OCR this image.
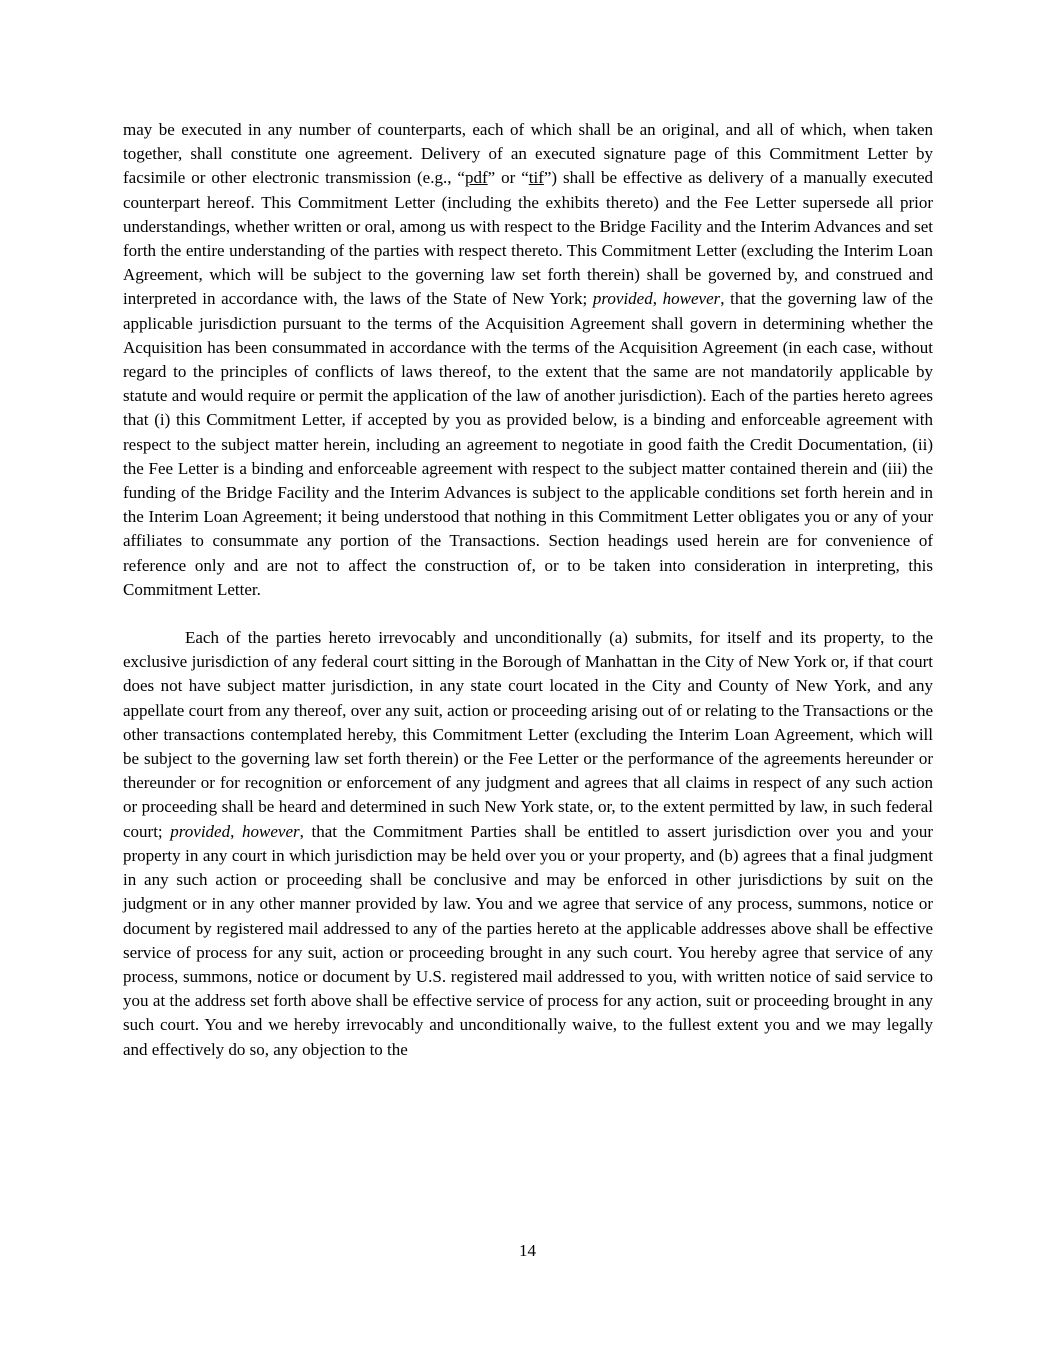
may be executed in any number of counterparts, each of which shall be an original, and all of which, when taken together, shall constitute one agreement. Delivery of an executed signature page of this Commitment Letter by facsimile or other electronic transmission (e.g., “pdf” or “tif”) shall be effective as delivery of a manually executed counterpart hereof. This Commitment Letter (including the exhibits thereto) and the Fee Letter supersede all prior understandings, whether written or oral, among us with respect to the Bridge Facility and the Interim Advances and set forth the entire understanding of the parties with respect thereto. This Commitment Letter (excluding the Interim Loan Agreement, which will be subject to the governing law set forth therein) shall be governed by, and construed and interpreted in accordance with, the laws of the State of New York; provided, however, that the governing law of the applicable jurisdiction pursuant to the terms of the Acquisition Agreement shall govern in determining whether the Acquisition has been consummated in accordance with the terms of the Acquisition Agreement (in each case, without regard to the principles of conflicts of laws thereof, to the extent that the same are not mandatorily applicable by statute and would require or permit the application of the law of another jurisdiction). Each of the parties hereto agrees that (i) this Commitment Letter, if accepted by you as provided below, is a binding and enforceable agreement with respect to the subject matter herein, including an agreement to negotiate in good faith the Credit Documentation, (ii) the Fee Letter is a binding and enforceable agreement with respect to the subject matter contained therein and (iii) the funding of the Bridge Facility and the Interim Advances is subject to the applicable conditions set forth herein and in the Interim Loan Agreement; it being understood that nothing in this Commitment Letter obligates you or any of your affiliates to consummate any portion of the Transactions. Section headings used herein are for convenience of reference only and are not to affect the construction of, or to be taken into consideration in interpreting, this Commitment Letter.

Each of the parties hereto irrevocably and unconditionally (a) submits, for itself and its property, to the exclusive jurisdiction of any federal court sitting in the Borough of Manhattan in the City of New York or, if that court does not have subject matter jurisdiction, in any state court located in the City and County of New York, and any appellate court from any thereof, over any suit, action or proceeding arising out of or relating to the Transactions or the other transactions contemplated hereby, this Commitment Letter (excluding the Interim Loan Agreement, which will be subject to the governing law set forth therein) or the Fee Letter or the performance of the agreements hereunder or thereunder or for recognition or enforcement of any judgment and agrees that all claims in respect of any such action or proceeding shall be heard and determined in such New York state, or, to the extent permitted by law, in such federal court; provided, however, that the Commitment Parties shall be entitled to assert jurisdiction over you and your property in any court in which jurisdiction may be held over you or your property, and (b) agrees that a final judgment in any such action or proceeding shall be conclusive and may be enforced in other jurisdictions by suit on the judgment or in any other manner provided by law. You and we agree that service of any process, summons, notice or document by registered mail addressed to any of the parties hereto at the applicable addresses above shall be effective service of process for any suit, action or proceeding brought in any such court. You hereby agree that service of any process, summons, notice or document by U.S. registered mail addressed to you, with written notice of said service to you at the address set forth above shall be effective service of process for any action, suit or proceeding brought in any such court. You and we hereby irrevocably and unconditionally waive, to the fullest extent you and we may legally and effectively do so, any objection to the

14
